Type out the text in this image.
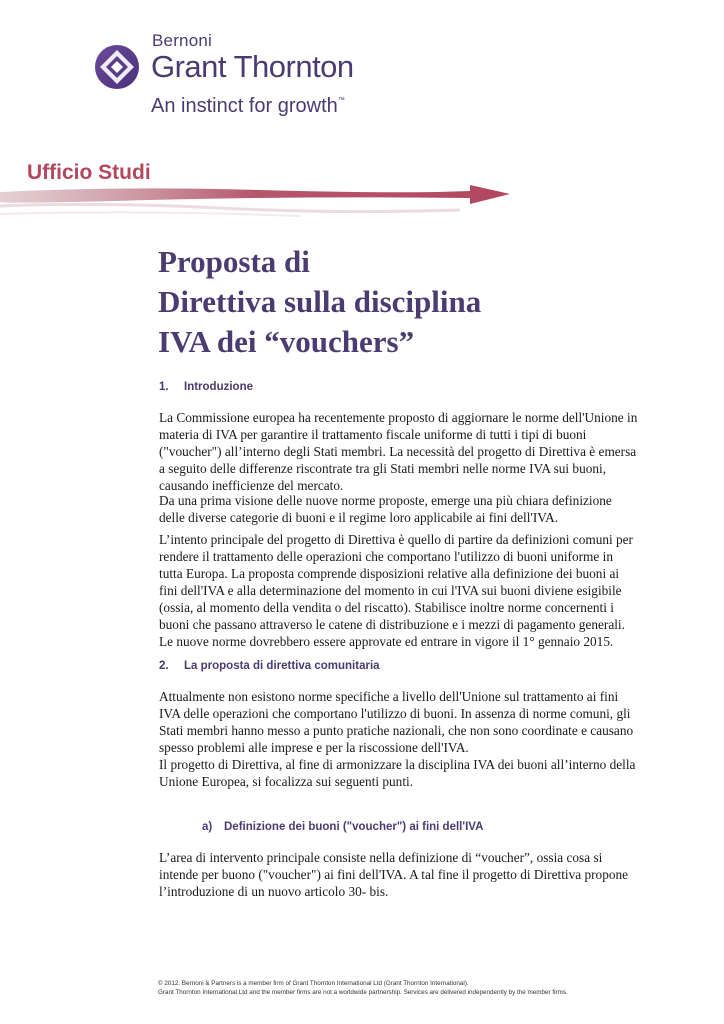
Bernoni
Grant Thornton
An instinct for growth™
Ufficio Studi
Proposta di
Direttiva sulla disciplina
IVA dei “vouchers”
1. Introduzione

La Commissione europea ha recentemente proposto di aggiornare le norme dell'Unione in materia di IVA per garantire il trattamento fiscale uniforme di tutti i tipi di buoni ("voucher") all’interno degli Stati membri. La necessità del progetto di Direttiva è emersa a seguito delle differenze riscontrate tra gli Stati membri nelle norme IVA sui buoni, causando inefficienze del mercato.

Da una prima visione delle nuove norme proposte, emerge una più chiara definizione delle diverse categorie di buoni e il regime loro applicabile ai fini dell'IVA.

L’intento principale del progetto di Direttiva è quello di partire da definizioni comuni per rendere il trattamento delle operazioni che comportano l'utilizzo di buoni uniforme in tutta Europa. La proposta comprende disposizioni relative alla definizione dei buoni ai fini dell'IVA e alla determinazione del momento in cui l'IVA sui buoni diviene esigibile (ossia, al momento della vendita o del riscatto). Stabilisce inoltre norme concernenti i buoni che passano attraverso le catene di distribuzione e i mezzi di pagamento generali. Le nuove norme dovrebbero essere approvate ed entrare in vigore il 1° gennaio 2015.

2. La proposta di direttiva comunitaria

Attualmente non esistono norme specifiche a livello dell'Unione sul trattamento ai fini IVA delle operazioni che comportano l'utilizzo di buoni. In assenza di norme comuni, gli Stati membri hanno messo a punto pratiche nazionali, che non sono coordinate e causano spesso problemi alle imprese e per la riscossione dell'IVA.

Il progetto di Direttiva, al fine di armonizzare la disciplina IVA dei buoni all’interno della Unione Europea, si focalizza sui seguenti punti.

a) Definizione dei buoni ("voucher") ai fini dell'IVA

L’area di intervento principale consiste nella definizione di “voucher”, ossia cosa si intende per buono ("voucher") ai fini dell'IVA. A tal fine il progetto di Direttiva propone l’introduzione di un nuovo articolo 30- bis.

© 2012. Bernoni & Partners is a member firm of Grant Thornton International Ltd (Grant Thornton International).
Grant Thornton International Ltd and the member firms are not a worldwide partnership. Services are delivered independently by the member firms.
